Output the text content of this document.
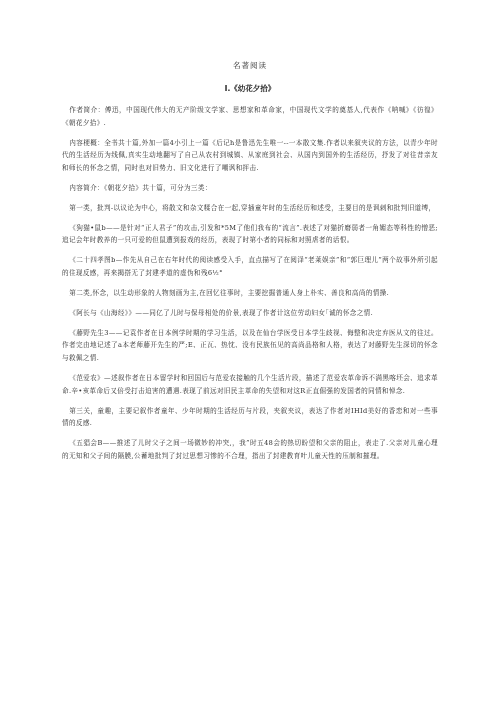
名著阅读
I.《幼花夕拾》

作者简介：傅迅，中国现代伟大的无产阶级文学家、思想家和革命家，中国现代文学的奠基人,代表作《呐喊》《彷徨》《朝花夕拾》.

内容梗概：全书共十篇,外加一篇4小引上一篇《后记h是鲁迅先生唯一--一本散文集.作者以来叙夹议的方法，以青少年时代的生活经历为线佩,真实生动地翻写了自己从农村到城镇、从家庭到社会、从国内到国外的生活经历，抒发了对往昔亲友和师长的怀念之情，同时也对旧势力、旧文化进行了嘲讽和抨击.

内容简介：《朝花夕拾》共十篇，可分为三类：

第一类，批判-以议论为中心，将散文和杂文糅合在一起,穿插童年时的生活经历和述受，主要目的是讽刺和批判旧道缚，

《狗猫•鼠b——是针对“正人君子”的攻击,引发和*5M了他们我布的“流言”.表述了对猫折磨弱者一角媚态等科性的憎恶;追记会年时教养的一只可爱的但鼠遭到报戏的经历，表现了时第小者的同标和对照虐者的话恨。

《二十四孝图b—作先从自己在右年时代的阅读感受入手，直点描写了在阅泽“老莱娱亲”和“郭巨理儿”两个故事外所引起的住现反感，再来揭搭无了封建孝道的虚伪和残6½°

第二类,怀念，以生动形象的人物刻画为主,在回忆往事时，主要挖掘普通人身上朴实、善良和高尚的情操.

《阿长与《山海经》》——同亿了儿时与保母相处的价景,表现了作者计这位劳动妇女｢诚的怀念之情.

《藤野先生3——记袁作者在日本例学时期的学习生活，以及在仙台学医受日本学生歧视、侮整和决定弃医从文的往过。作者完由地记述了a本老师藤开先生的严;E、正瓦、热忱、没有民族伍见的高尚品格和人格，表达了对藤野先生深切的怀念与救佩之情.

《范爱农》—述叙作者在日本留学时和回国后与范爱农接触的几个生活片段，描述了范爱农革命诉不满黑喀坯会、追求革命.辛•亥革命后又倍受打击迫害的遭遇.表现了前远对旧民主革命的失望和对这R正直倔强的发国者的同情和悼念.

第三关，童趣，主要记叙作者童年、少年时期的生活经历与片段，夹叙夹议，表达了作者对IHId美好的香恋和对一些事情的反感.

《五猖会B——推述了儿时父子之间一场微妙的冲突,，我”时五48会的热切盼望和父亲的阻止，表走了.父亲对儿童心理的无知和父子间的隔膜,公蓄地批判了封过思想习惨的不合理，指出了封建教育叶儿童天性的压制和摧理。
